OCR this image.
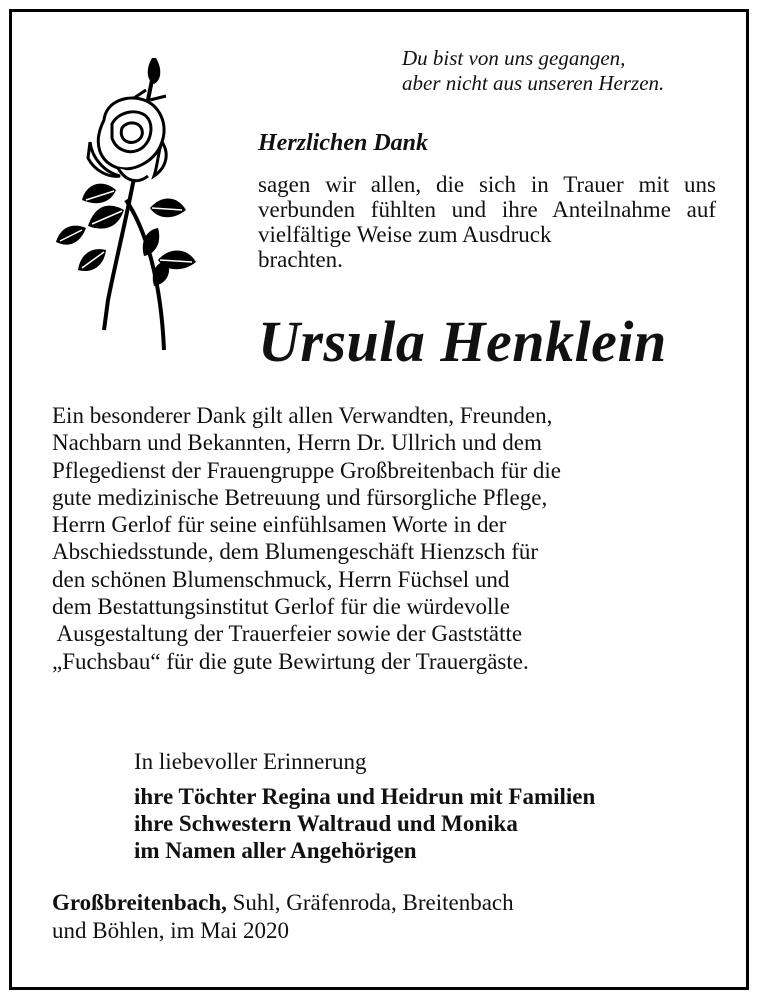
Du bist von uns gegangen,
aber nicht aus unseren Herzen.
Herzlichen Dank

sagen wir allen, die sich in Trauer mit uns verbunden fühlten und ihre Anteilnahme auf vielfältige Weise zum Ausdruck
brachten.

Ursula Henklein

Ein besonderer Dank gilt allen Verwandten, Freunden,
Nachbarn und Bekannten, Herrn Dr. Ullrich und dem
Pflegedienst der Frauengruppe Großbreitenbach für die
gute medizinische Betreuung und fürsorgliche Pflege,
Herrn Gerlof für seine einfühlsamen Worte in der
Abschiedsstunde, dem Blumengeschäft Hienzsch für
den schönen Blumenschmuck, Herrn Füchsel und
dem Bestattungsinstitut Gerlof für die würdevolle
Ausgestaltung der Trauerfeier sowie der Gaststätte
„Fuchsbau“ für die gute Bewirtung der Trauergäste.

In liebevoller Erinnerung

ihre Töchter Regina und Heidrun mit Familien
ihre Schwestern Waltraud und Monika
im Namen aller Angehörigen

Großbreitenbach, Suhl, Gräfenroda, Breitenbach
und Böhlen, im Mai 2020
